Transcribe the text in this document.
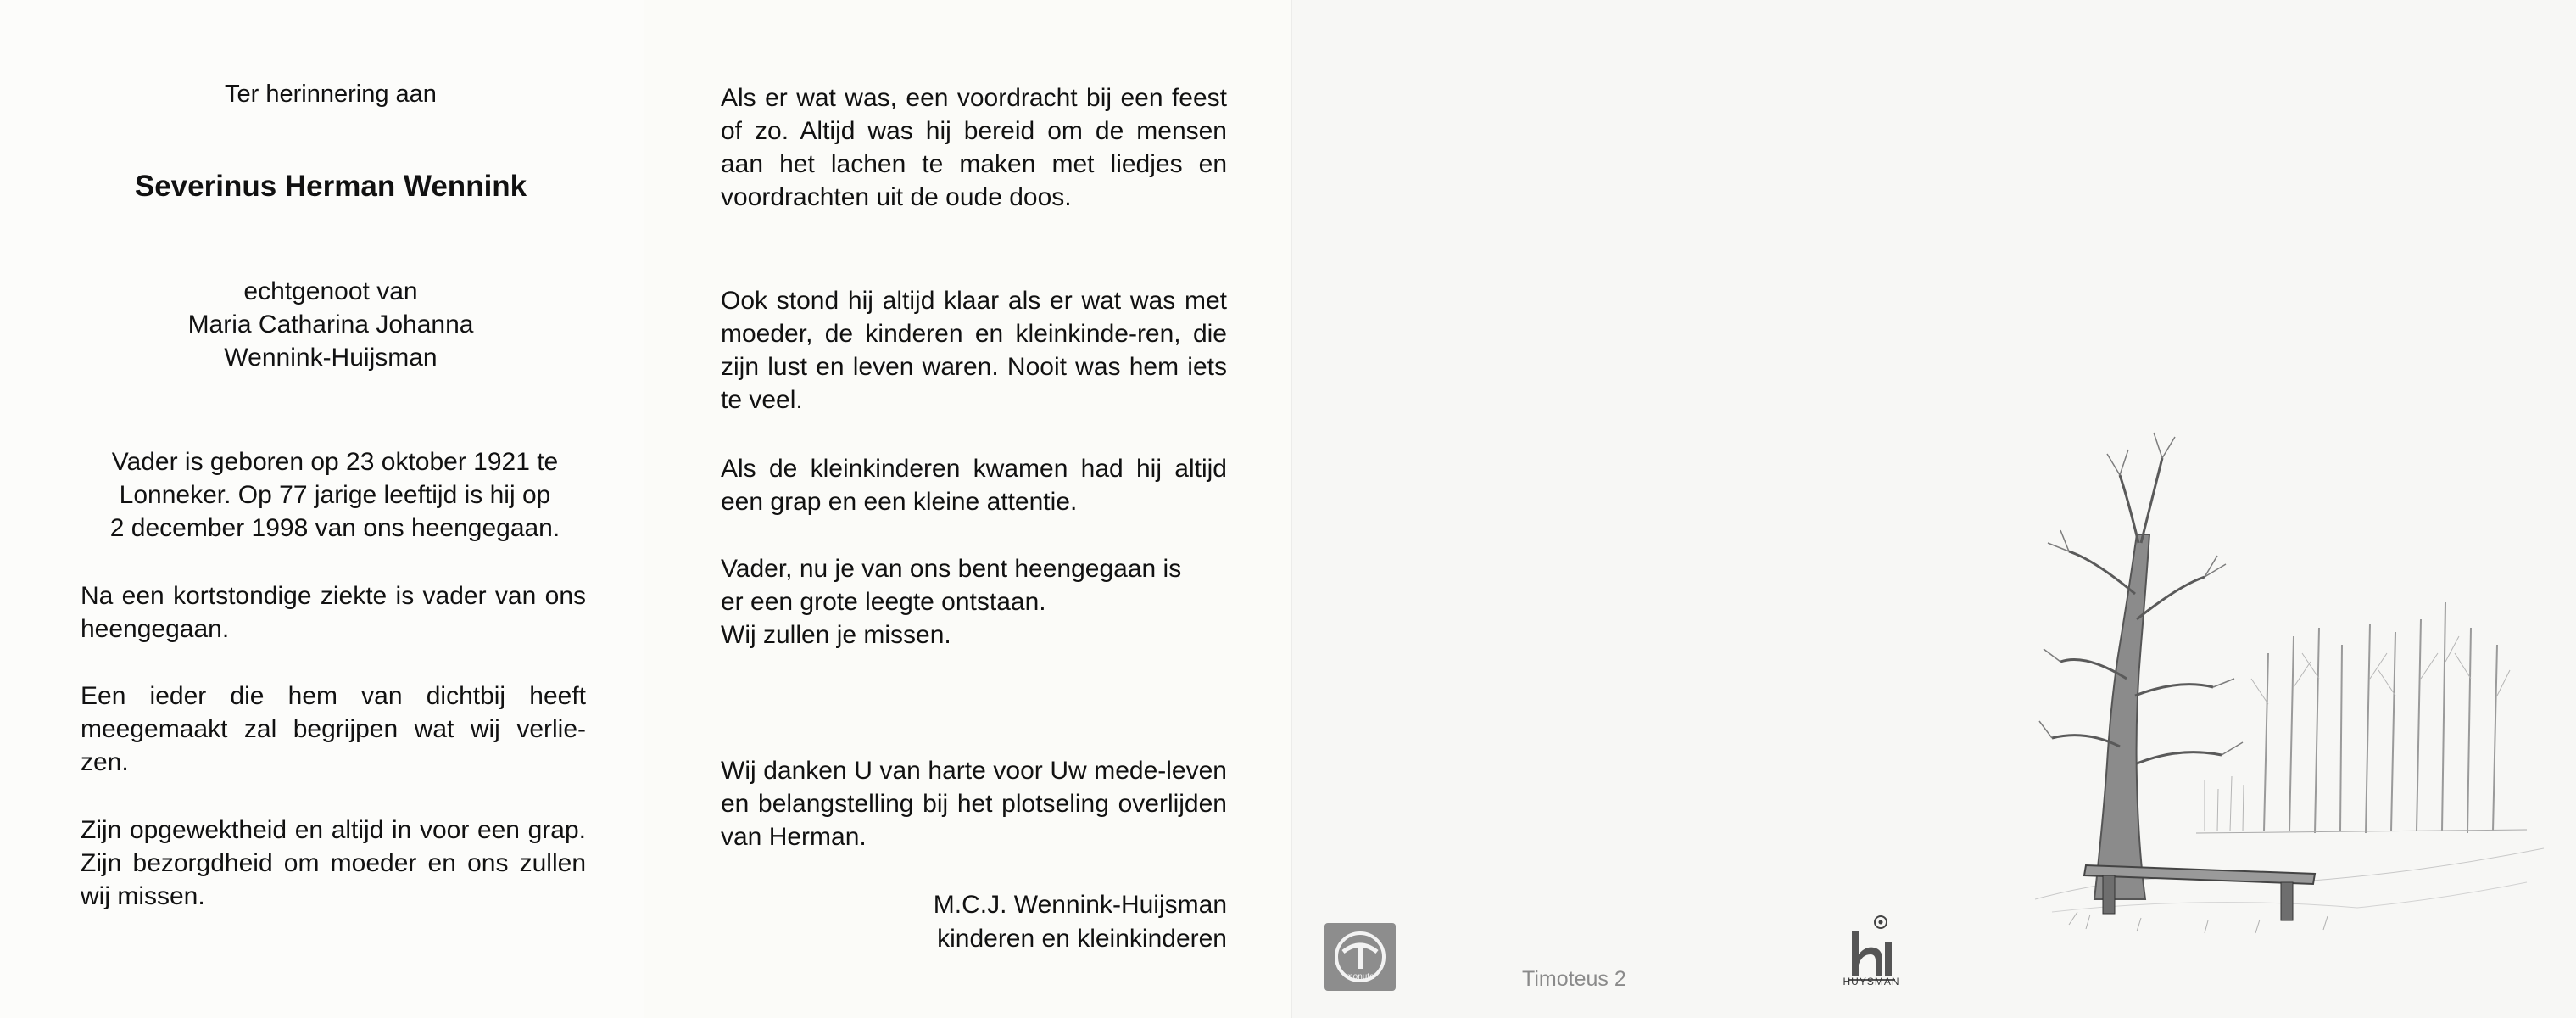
Ter herinnering aan

Severinus Herman Wennink

echtgenoot van

Maria Catharina Johanna

Wennink-Huijsman

Vader is geboren op 23 oktober 1921 te

Lonneker. Op 77 jarige leeftijd is hij op

2 december 1998 van ons heengegaan.

Na een kortstondige ziekte is vader van ons heengegaan.

Een ieder die hem van dichtbij heeft meegemaakt zal begrijpen wat wij verlie-zen.

Zijn opgewektheid en altijd in voor een grap. Zijn bezorgdheid om moeder en ons zullen wij missen.

Als er wat was, een voordracht bij een feest of zo. Altijd was hij bereid om de mensen aan het lachen te maken met liedjes en voordrachten uit de oude doos.

Ook stond hij altijd klaar als er wat was met moeder, de kinderen en kleinkinde-ren, die zijn lust en leven waren. Nooit was hem iets te veel.

Als de kleinkinderen kwamen had hij altijd een grap en een kleine attentie.

Vader, nu je van ons bent heengegaan is

er een grote leegte ontstaan.

Wij zullen je missen.

Wij danken U van harte voor Uw mede-leven en belangstelling bij het plotseling overlijden van Herman.

M.C.J. Wennink-Huijsman

kinderen en kleinkinderen

monuta	Timoteus 2	HUYSMAN
